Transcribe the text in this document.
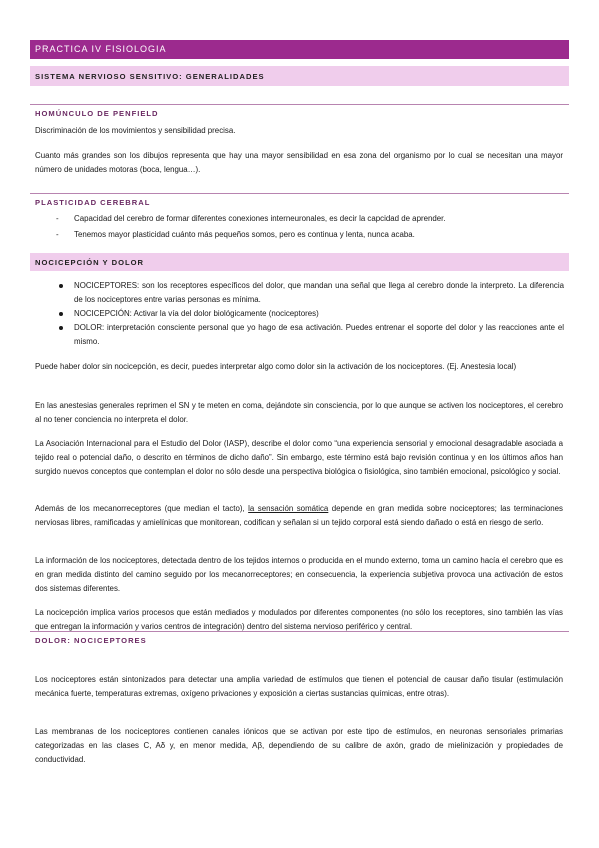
PRACTICA IV FISIOLOGIA
SISTEMA NERVIOSO SENSITIVO: GENERALIDADES
HOMÚNCULO DE PENFIELD
Discriminación de los movimientos y sensibilidad precisa.
Cuanto más grandes son los dibujos representa que hay una mayor sensibilidad en esa zona del organismo por lo cual se necesitan una mayor número de unidades motoras (boca, lengua…).
PLASTICIDAD CEREBRAL
- Capacidad del cerebro de formar diferentes conexiones interneuronales, es decir la capcidad de aprender.
- Tenemos mayor plasticidad cuánto más pequeños somos, pero es continua y lenta, nunca acaba.
NOCICEPCIÓN Y DOLOR
NOCICEPTORES: son los receptores específicos del dolor, que mandan una señal que llega al cerebro donde la interpreto. La diferencia de los nociceptores entre varias personas es mínima.
NOCICEPCIÓN: Activar la vía del dolor biológicamente (nociceptores)
DOLOR: interpretación consciente personal que yo hago de esa activación. Puedes entrenar el soporte del dolor y las reacciones ante el mismo.
Puede haber dolor sin nocicepción, es decir, puedes interpretar algo como dolor sin la activación de los nociceptores. (Ej. Anestesia local)
En las anestesias generales reprimen el SN y te meten en coma, dejándote sin consciencia, por lo que aunque se activen los nociceptores, el cerebro al no tener conciencia no interpreta el dolor.
La Asociación Internacional para el Estudio del Dolor (IASP), describe el dolor como “una experiencia sensorial y emocional desagradable asociada a tejido real o potencial daño, o descrito en términos de dicho daño”. Sin embargo, este término está bajo revisión continua y en los últimos años han surgido nuevos conceptos que contemplan el dolor no sólo desde una perspectiva biológica o fisiológica, sino también emocional, psicológico y social.
Además de los mecanorreceptores (que median el tacto), la sensación somática depende en gran medida sobre nociceptores; las terminaciones nerviosas libres, ramificadas y amielínicas que monitorean, codifican y señalan si un tejido corporal está siendo dañado o está en riesgo de serlo.
La información de los nociceptores, detectada dentro de los tejidos internos o producida en el mundo externo, toma un camino hacía el cerebro que es en gran medida distinto del camino seguido por los mecanorreceptores; en consecuencia, la experiencia subjetiva provoca una activación de estos dos sistemas diferentes.
La nocicepción implica varios procesos que están mediados y modulados por diferentes componentes (no sólo los receptores, sino también las vías que entregan la información y varios centros de integración) dentro del sistema nervioso periférico y central.
DOLOR: NOCICEPTORES
Los nociceptores están sintonizados para detectar una amplia variedad de estímulos que tienen el potencial de causar daño tisular (estimulación mecánica fuerte, temperaturas extremas, oxígeno privaciones y exposición a ciertas sustancias químicas, entre otras).
Las membranas de los nociceptores contienen canales iónicos que se activan por este tipo de estímulos, en neuronas sensoriales primarias categorizadas en las clases C, Aδ y, en menor medida, Aβ, dependiendo de su calibre de axón, grado de mielinización y propiedades de conductividad.
